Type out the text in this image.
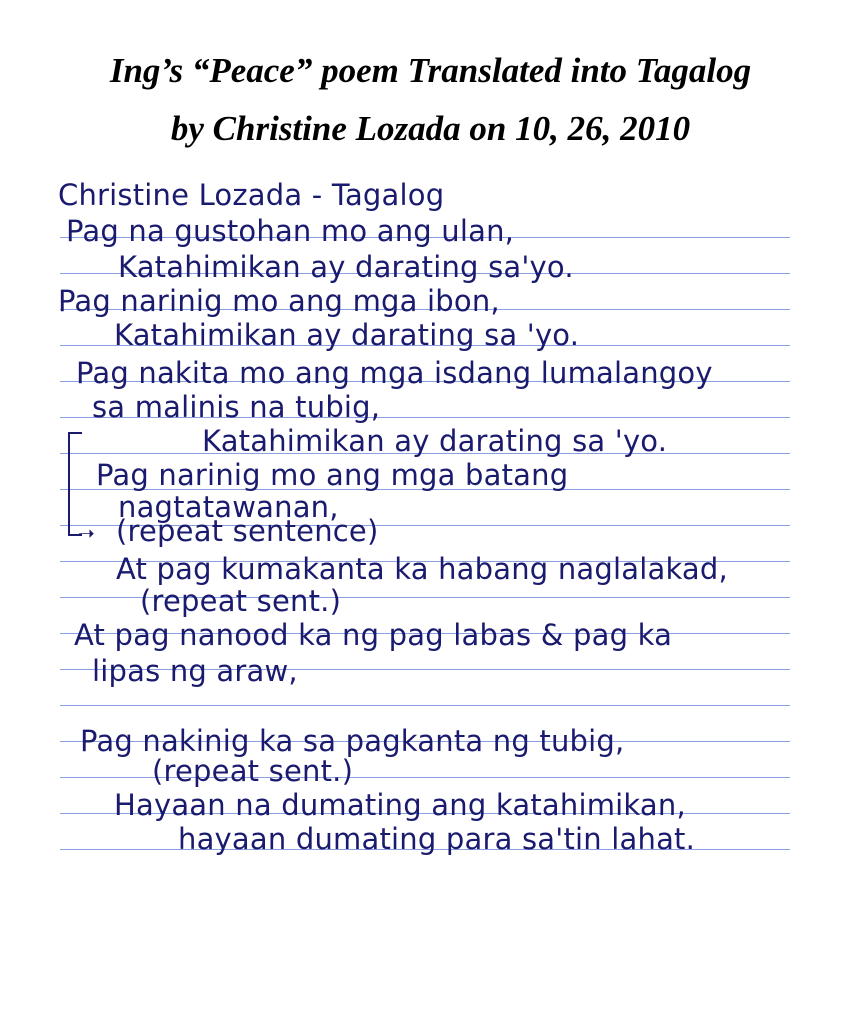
Ing’s “Peace” poem Translated into Tagalog
by Christine Lozada on 10, 26, 2010
Christine Lozada - Tagalog
Pag na gustohan mo ang ulan,
Katahimikan ay darating sa'yo.
Pag narinig mo ang mga ibon,
Katahimikan ay darating sa 'yo.
Pag nakita mo ang mga isdang lumalangoy
sa malinis na tubig,
Katahimikan ay darating sa 'yo.
Pag narinig mo ang mga batang
nagtatawanan,
➝ (repeat sentence)
At pag kumakanta ka habang naglalakad,
(repeat sent.)
At pag nanood ka ng pag labas & pag ka
lipas ng araw,
Pag nakinig ka sa pagkanta ng tubig,
(repeat sent.)
Hayaan na dumating ang katahimikan,
hayaan dumating para sa'tin lahat.
